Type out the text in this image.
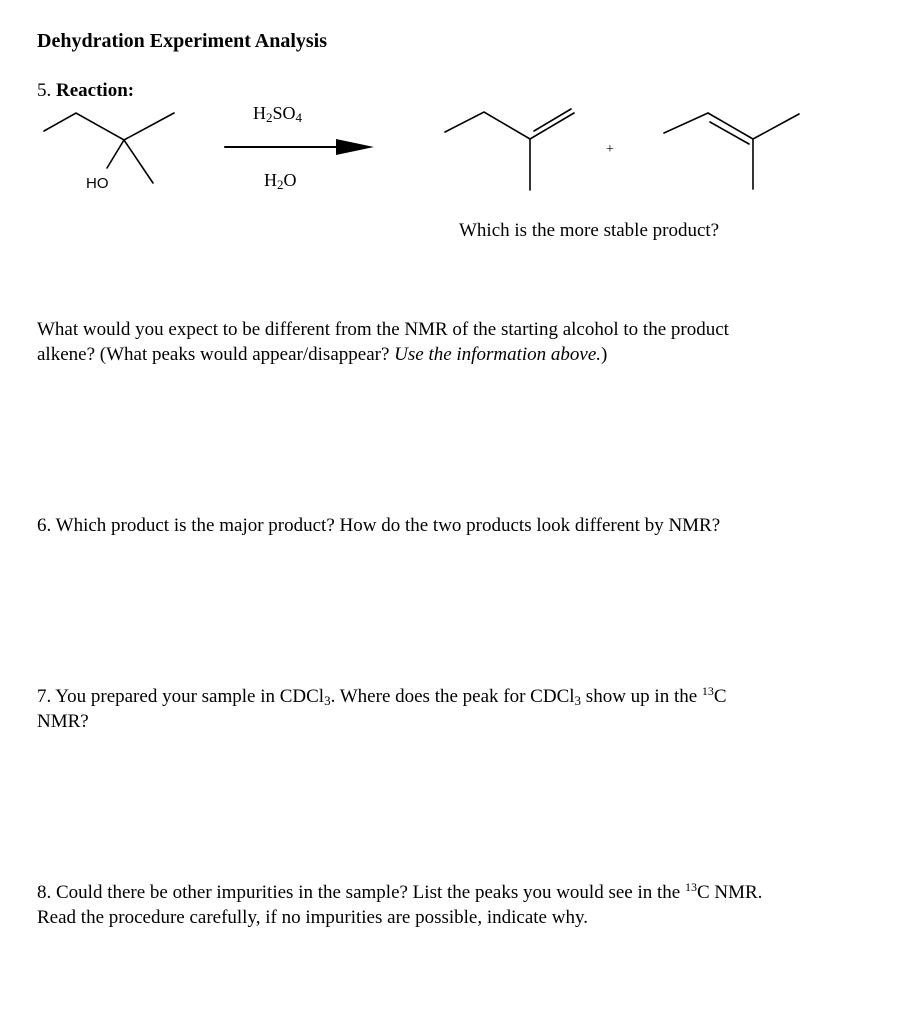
Dehydration Experiment Analysis
5. Reaction:
$H_2SO_4$
$H_2O$
HO
+
Which is the more stable product?
What would you expect to be different from the NMR of the starting alcohol to the product
alkene? (What peaks would appear/disappear? Use the information above.)
6. Which product is the major product? How do the two products look different by NMR?
7. You prepared your sample in CDCl$_3$. Where does the peak for CDCl$_3$ show up in the $^{13}$C
NMR?
8. Could there be other impurities in the sample? List the peaks you would see in the $^{13}$C NMR.
Read the procedure carefully, if no impurities are possible, indicate why.
